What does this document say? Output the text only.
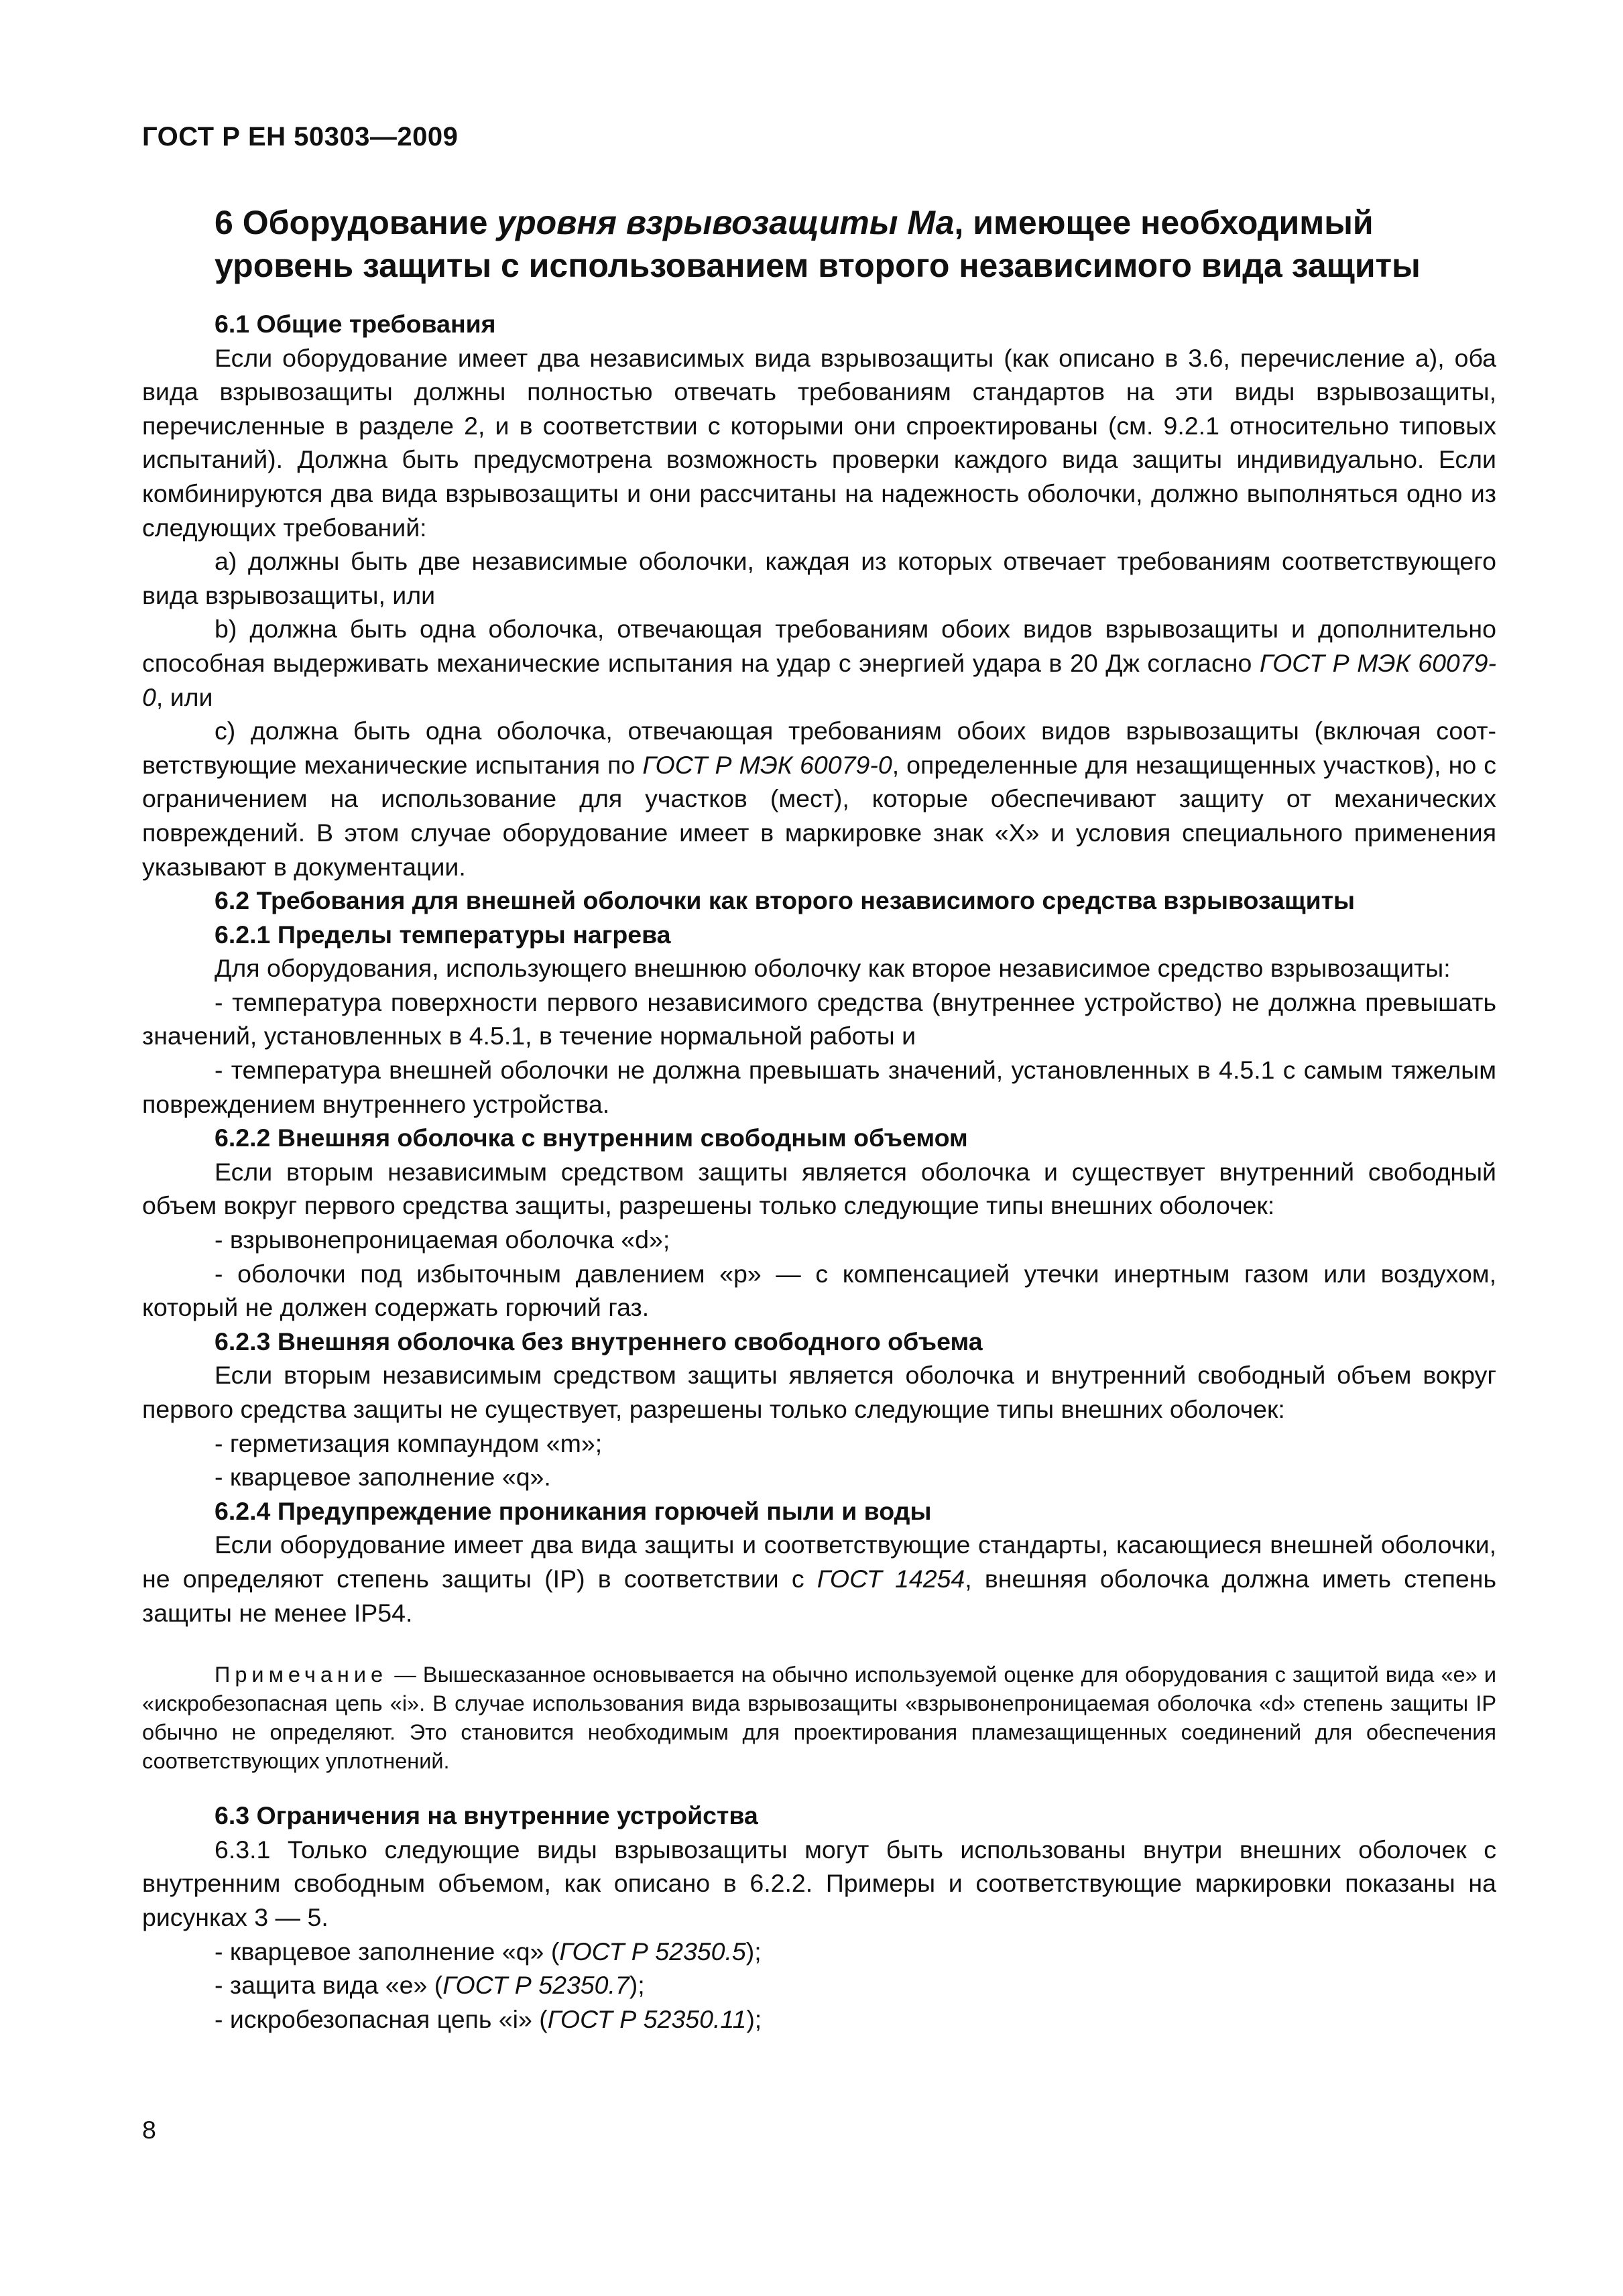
ГОСТ Р ЕН 50303—2009
6 Оборудование уровня взрывозащиты Ма, имеющее необходимый уровень защиты с использованием второго независимого вида защиты

6.1 Общие требования

Если оборудование имеет два независимых вида взрывозащиты (как описано в 3.6, перечисление а), оба вида взрывозащиты должны полностью отвечать требованиям стандартов на эти виды взрывозащиты, перечисленные в разделе 2, и в соответствии с которыми они спроектированы (см. 9.2.1 относительно типовых испытаний). Должна быть предусмотрена возможность проверки каждого вида защиты индивидуально. Если комбинируются два вида взрывозащиты и они рассчитаны на надежность оболочки, должно выполняться одно из следующих требований:

а) должны быть две независимые оболочки, каждая из которых отвечает требованиям соответствующего вида взрывозащиты, или

b) должна быть одна оболочка, отвечающая требованиям обоих видов взрывозащиты и дополнительно способная выдерживать механические испытания на удар с энергией удара в 20 Дж согласно ГОСТ Р МЭК 60079-0, или

с) должна быть одна оболочка, отвечающая требованиям обоих видов взрывозащиты (включая соответствующие механические испытания по ГОСТ Р МЭК 60079-0, определенные для незащищенных участков), но с ограничением на использование для участков (мест), которые обеспечивают защиту от механических повреждений. В этом случае оборудование имеет в маркировке знак «X» и условия специального применения указывают в документации.

6.2 Требования для внешней оболочки как второго независимого средства взрывозащиты

6.2.1 Пределы температуры нагрева

Для оборудования, использующего внешнюю оболочку как второе независимое средство взрывозащиты:

- температура поверхности первого независимого средства (внутреннее устройство) не должна превышать значений, установленных в 4.5.1, в течение нормальной работы и

- температура внешней оболочки не должна превышать значений, установленных в 4.5.1 с самым тяжелым повреждением внутреннего устройства.

6.2.2 Внешняя оболочка с внутренним свободным объемом

Если вторым независимым средством защиты является оболочка и существует внутренний свободный объем вокруг первого средства защиты, разрешены только следующие типы внешних оболочек:

- взрывонепроницаемая оболочка «d»;

- оболочки под избыточным давлением «р» — с компенсацией утечки инертным газом или воздухом, который не должен содержать горючий газ.

6.2.3 Внешняя оболочка без внутреннего свободного объема

Если вторым независимым средством защиты является оболочка и внутренний свободный объем вокруг первого средства защиты не существует, разрешены только следующие типы внешних оболочек:

- герметизация компаундом «m»;

- кварцевое заполнение «q».

6.2.4 Предупреждение проникания горючей пыли и воды

Если оборудование имеет два вида защиты и соответствующие стандарты, касающиеся внешней оболочки, не определяют степень защиты (IP) в соответствии с ГОСТ 14254, внешняя оболочка должна иметь степень защиты не менее IP54.

Примечание — Вышесказанное основывается на обычно используемой оценке для оборудования с защитой вида «е» и «искробезопасная цепь «i». В случае использования вида взрывозащиты «взрывонепроницаемая оболочка «d» степень защиты IP обычно не определяют. Это становится необходимым для проектирования пламезащищенных соединений для обеспечения соответствующих уплотнений.

6.3 Ограничения на внутренние устройства

6.3.1 Только следующие виды взрывозащиты могут быть использованы внутри внешних оболочек с внутренним свободным объемом, как описано в 6.2.2. Примеры и соответствующие маркировки показаны на рисунках 3 — 5.

- кварцевое заполнение «q» (ГОСТ Р 52350.5);

- защита вида «е» (ГОСТ Р 52350.7);

- искробезопасная цепь «i» (ГОСТ Р 52350.11);

8
